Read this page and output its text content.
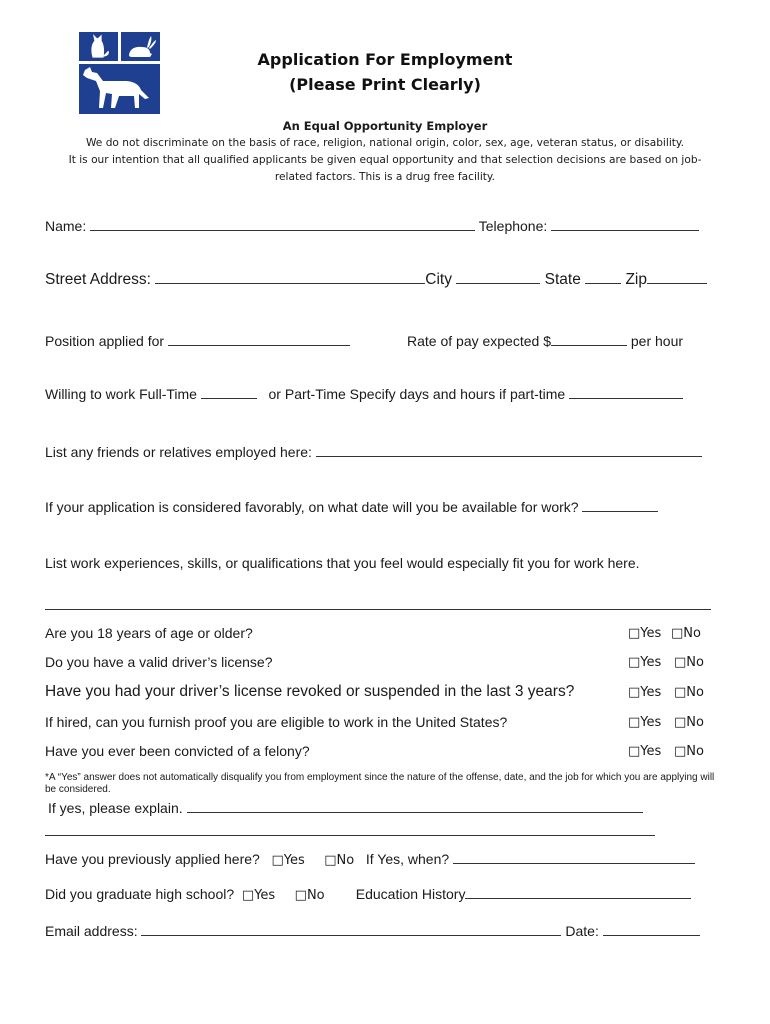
Application For Employment
(Please Print Clearly)
An Equal Opportunity Employer
We do not discriminate on the basis of race, religion, national origin, color, sex, age, veteran status, or disability.
It is our intention that all qualified applicants be given equal opportunity and that selection decisions are based on job-
related factors. This is a drug free facility.
Name:	Telephone:
Street Address:	City	State	Zip
Position applied for	Rate of pay expected $	per hour
Willing to work Full-Time	or Part-Time Specify days and hours if part-time
List any friends or relatives employed here:
If your application is considered favorably, on what date will you be available for work?
List work experiences, skills, or qualifications that you feel would especially fit you for work here.
Are you 18 years of age or older?	□Yes □No
Do you have a valid driver’s license?	□Yes □No
Have you had your driver’s license revoked or suspended in the last 3 years?	□Yes □No
If hired, can you furnish proof you are eligible to work in the United States?	□Yes □No
Have you ever been convicted of a felony?	□Yes □No
*A “Yes” answer does not automatically disqualify you from employment since the nature of the offense, date, and the job for which you are applying will be considered.
If yes, please explain.
Have you previously applied here? □Yes □No If Yes, when?
Did you graduate high school? □Yes □No Education History
Email address:	Date:
